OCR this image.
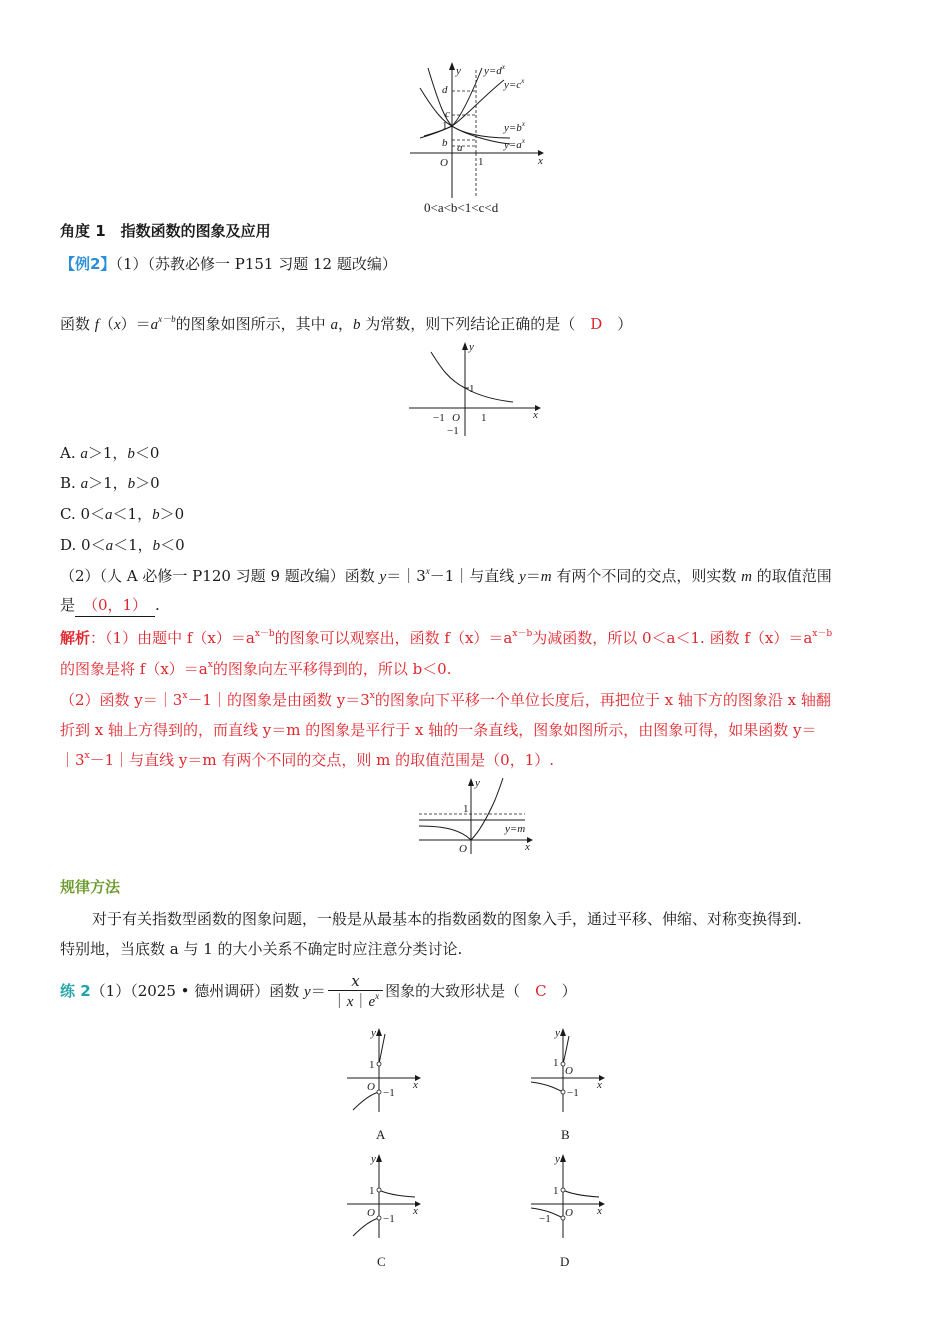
y
x
O	1
1
d
c
b a
$y=d^x$
$y=c^x$
$y=b^x$
$y=a^x$
0<a<b<1<c<d
角度 1　指数函数的图象及应用
【例2】（1）（苏教必修一 P151 习题 12 题改编）
函数 $f(x)=a^{x-b}$的图象如图所示，其中 a，b 为常数，则下列结论正确的是（　D　）
y
x
O
1
−1	1
−1
A. a＞1，b＜0
B. a＞1，b＞0
C. 0＜a＜1，b＞0
D. 0＜a＜1，b＜0
（2）（人 A 必修一 P120 习题 9 题改编）函数 $y=|3^x-1|$与直线 y＝m 有两个不同的交点，则实数 m 的取值范围
是 （0，1） .
解析：（1）由题中 $f(x)=a^{x-b}$的图象可以观察出，函数 $f(x)=a^{x-b}$为减函数，所以 0＜a＜1. 函数 $f(x)=a^{x-b}$
的图象是将 $f(x)=a^x$的图象向左平移得到的，所以 b＜0.
（2）函数 $y=|3^x-1|$的图象是由函数 $y=3^x$的图象向下平移一个单位长度后，再把位于 x 轴下方的图象沿 x 轴翻
折到 x 轴上方得到的，而直线 y＝m 的图象是平行于 x 轴的一条直线，图象如图所示，由图象可得，如果函数 y＝
$|3^x-1|$与直线 y＝m 有两个不同的交点，则 m 的取值范围是（0，1）.
y
x
O
1
y=m
规律方法
对于有关指数型函数的图象问题，一般是从最基本的指数函数的图象入手，通过平移、伸缩、对称变换得到.
特别地，当底数 a 与 1 的大小关系不确定时应注意分类讨论.
练 2（1）（2025 • 德州调研）函数 $y= \frac{x}{|x|e^x}$ 图象的大致形状是（　C　）
y
x
O
1
−1
A
y
x
O
1
−1
B
y
x
O
1
−1
C
y
x
O
1
−1
D
